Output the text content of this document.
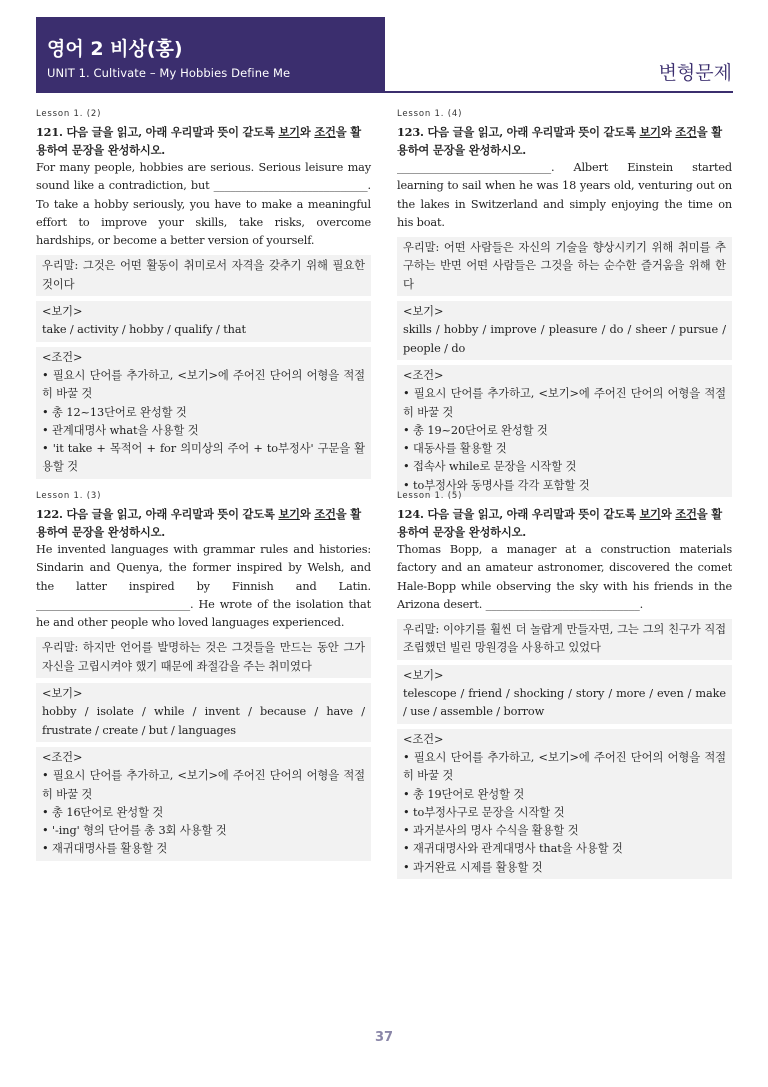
영어 2 비상(홍)
UNIT 1. Cultivate – My Hobbies Define Me	변형문제
Lesson 1. (2)
121. 다음 글을 읽고, 아래 우리말과 뜻이 같도록 보기와 조건을 활용하여 문장을 완성하시오.
For many people, hobbies are serious. Serious leisure may sound like a contradiction, but ____________________________. To take a hobby seriously, you have to make a meaningful effort to improve your skills, take risks, overcome hardships, or become a better version of yourself.
우리말: 그것은 어떤 활동이 취미로서 자격을 갖추기 위해 필요한 것이다
<보기>
take / activity / hobby / qualify / that
<조건>
• 필요시 단어를 추가하고, <보기>에 주어진 단어의 어형을 적절히 바꿀 것
• 총 12~13단어로 완성할 것
• 관계대명사 what을 사용할 것
• 'it take + 목적어 + for 의미상의 주어 + to부정사' 구문을 활용할 것
Lesson 1. (4)
123. 다음 글을 읽고, 아래 우리말과 뜻이 같도록 보기와 조건을 활용하여 문장을 완성하시오.
____________________________. Albert Einstein started learning to sail when he was 18 years old, venturing out on the lakes in Switzerland and simply enjoying the time on his boat.
우리말: 어떤 사람들은 자신의 기술을 향상시키기 위해 취미를 추구하는 반면 어떤 사람들은 그것을 하는 순수한 즐거움을 위해 한다
<보기>
skills / hobby / improve / pleasure / do / sheer / pursue / people / do
<조건>
• 필요시 단어를 추가하고, <보기>에 주어진 단어의 어형을 적절히 바꿀 것
• 총 19~20단어로 완성할 것
• 대동사를 활용할 것
• 접속사 while로 문장을 시작할 것
• to부정사와 동명사를 각각 포함할 것
Lesson 1. (3)
122. 다음 글을 읽고, 아래 우리말과 뜻이 같도록 보기와 조건을 활용하여 문장을 완성하시오.
He invented languages with grammar rules and histories: Sindarin and Quenya, the former inspired by Welsh, and the latter inspired by Finnish and Latin. ____________________________. He wrote of the isolation that he and other people who loved languages experienced.
우리말: 하지만 언어를 발명하는 것은 그것들을 만드는 동안 그가 자신을 고립시켜야 했기 때문에 좌절감을 주는 취미였다
<보기>
hobby / isolate / while / invent / because / have / frustrate / create / but / languages
<조건>
• 필요시 단어를 추가하고, <보기>에 주어진 단어의 어형을 적절히 바꿀 것
• 총 16단어로 완성할 것
• '-ing' 형의 단어를 총 3회 사용할 것
• 재귀대명사를 활용할 것
Lesson 1. (5)
124. 다음 글을 읽고, 아래 우리말과 뜻이 같도록 보기와 조건을 활용하여 문장을 완성하시오.
Thomas Bopp, a manager at a construction materials factory and an amateur astronomer, discovered the comet Hale-Bopp while observing the sky with his friends in the Arizona desert. ____________________________.
우리말: 이야기를 훨씬 더 놀랍게 만들자면, 그는 그의 친구가 직접 조립했던 빌린 망원경을 사용하고 있었다
<보기>
telescope / friend / shocking / story / more / even / make / use / assemble / borrow
<조건>
• 필요시 단어를 추가하고, <보기>에 주어진 단어의 어형을 적절히 바꿀 것
• 총 19단어로 완성할 것
• to부정사구로 문장을 시작할 것
• 과거분사의 명사 수식을 활용할 것
• 재귀대명사와 관계대명사 that을 사용할 것
• 과거완료 시제를 활용할 것
37
